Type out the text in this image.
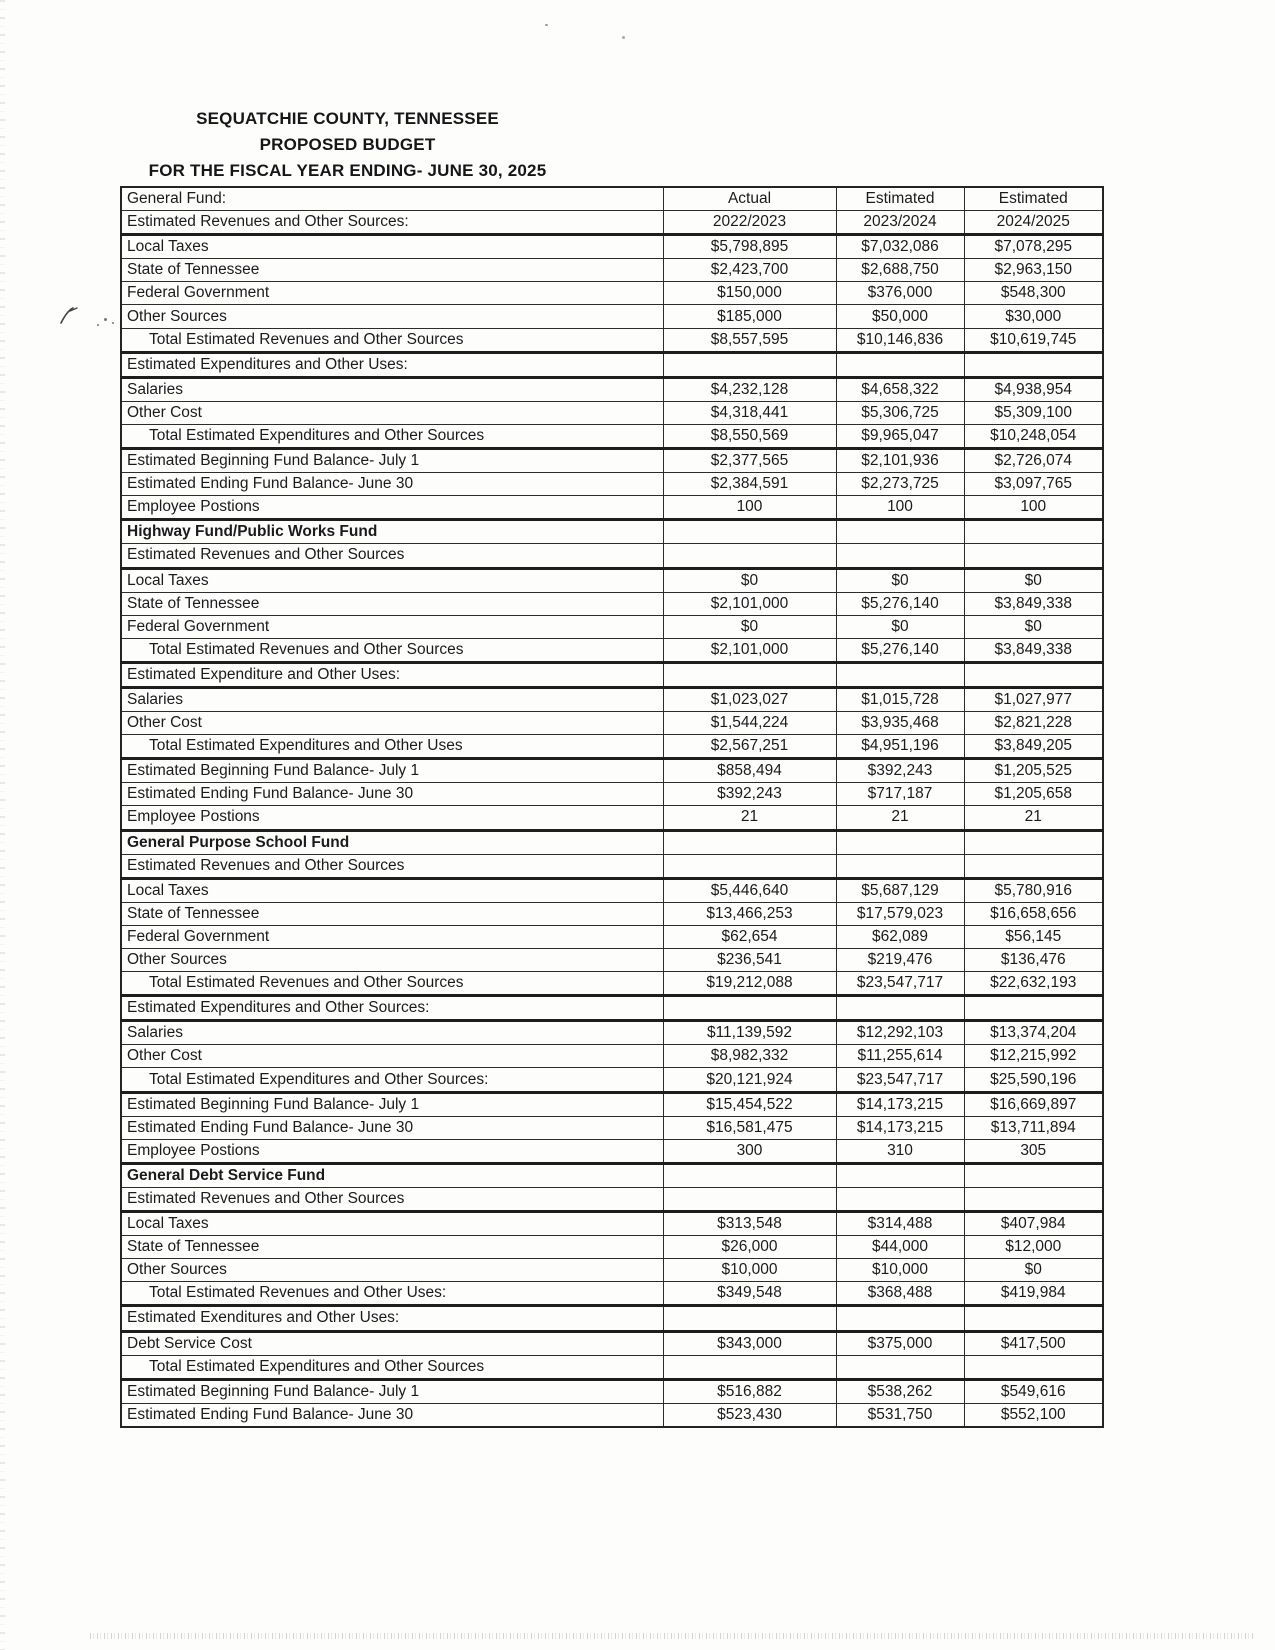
SEQUATCHIE COUNTY, TENNESSEE
PROPOSED BUDGET
FOR THE FISCAL YEAR ENDING- JUNE 30, 2025
General Fund:	Actual	Estimated	Estimated
Estimated Revenues and Other Sources:	2022/2023	2023/2024	2024/2025
Local Taxes	$5,798,895	$7,032,086	$7,078,295
State of Tennessee	$2,423,700	$2,688,750	$2,963,150
Federal Government	$150,000	$376,000	$548,300
Other Sources	$185,000	$50,000	$30,000
Total Estimated Revenues and Other Sources	$8,557,595	$10,146,836	$10,619,745
Estimated Expenditures and Other Uses:			
Salaries	$4,232,128	$4,658,322	$4,938,954
Other Cost	$4,318,441	$5,306,725	$5,309,100
Total Estimated Expenditures and Other Sources	$8,550,569	$9,965,047	$10,248,054
Estimated Beginning Fund Balance- July 1	$2,377,565	$2,101,936	$2,726,074
Estimated Ending Fund Balance- June 30	$2,384,591	$2,273,725	$3,097,765
Employee Postions	100	100	100
Highway Fund/Public Works Fund			
Estimated Revenues and Other Sources			
Local Taxes	$0	$0	$0
State of Tennessee	$2,101,000	$5,276,140	$3,849,338
Federal Government	$0	$0	$0
Total Estimated Revenues and Other Sources	$2,101,000	$5,276,140	$3,849,338
Estimated Expenditure and Other Uses:			
Salaries	$1,023,027	$1,015,728	$1,027,977
Other Cost	$1,544,224	$3,935,468	$2,821,228
Total Estimated Expenditures and Other Uses	$2,567,251	$4,951,196	$3,849,205
Estimated Beginning Fund Balance- July 1	$858,494	$392,243	$1,205,525
Estimated Ending Fund Balance- June 30	$392,243	$717,187	$1,205,658
Employee Postions	21	21	21
General Purpose School Fund			
Estimated Revenues and Other Sources			
Local Taxes	$5,446,640	$5,687,129	$5,780,916
State of Tennessee	$13,466,253	$17,579,023	$16,658,656
Federal Government	$62,654	$62,089	$56,145
Other Sources	$236,541	$219,476	$136,476
Total Estimated Revenues and Other Sources	$19,212,088	$23,547,717	$22,632,193
Estimated Expenditures and Other Sources:			
Salaries	$11,139,592	$12,292,103	$13,374,204
Other Cost	$8,982,332	$11,255,614	$12,215,992
Total Estimated Expenditures and Other Sources:	$20,121,924	$23,547,717	$25,590,196
Estimated Beginning Fund Balance- July 1	$15,454,522	$14,173,215	$16,669,897
Estimated Ending Fund Balance- June 30	$16,581,475	$14,173,215	$13,711,894
Employee Postions	300	310	305
General Debt Service Fund			
Estimated Revenues and Other Sources			
Local Taxes	$313,548	$314,488	$407,984
State of Tennessee	$26,000	$44,000	$12,000
Other Sources	$10,000	$10,000	$0
Total Estimated Revenues and Other Uses:	$349,548	$368,488	$419,984
Estimated Exenditures and Other Uses:			
Debt Service Cost	$343,000	$375,000	$417,500
Total Estimated Expenditures and Other Sources			
Estimated Beginning Fund Balance- July 1	$516,882	$538,262	$549,616
Estimated Ending Fund Balance- June 30	$523,430	$531,750	$552,100
